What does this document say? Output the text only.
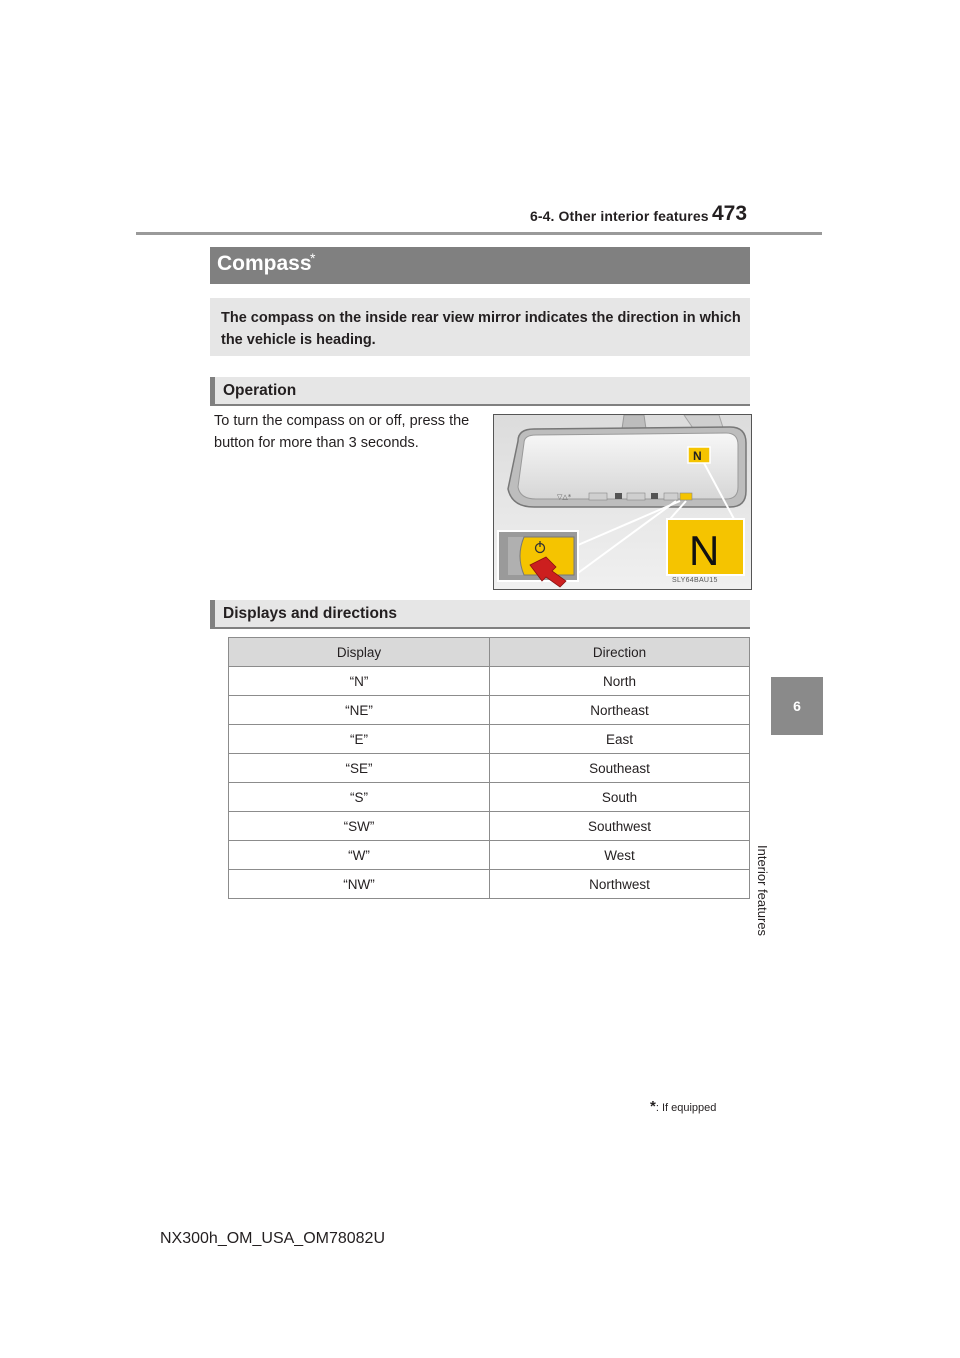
6-4. Other interior features 473
6
Interior features
Compass
*
The compass on the inside rear view mirror indicates the direction in which the vehicle is heading.
Operation
To turn the compass on or off, press the button for more than 3 seconds.
▽△*
N
N
SLY64BAU15
Displays and directions
Display	Direction
“N”	North
“NE”	Northeast
“E”	East
“SE”	Southeast
“S”	South
“SW”	Southwest
“W”	West
“NW”	Northwest
*: If equipped
NX300h_OM_USA_OM78082U
